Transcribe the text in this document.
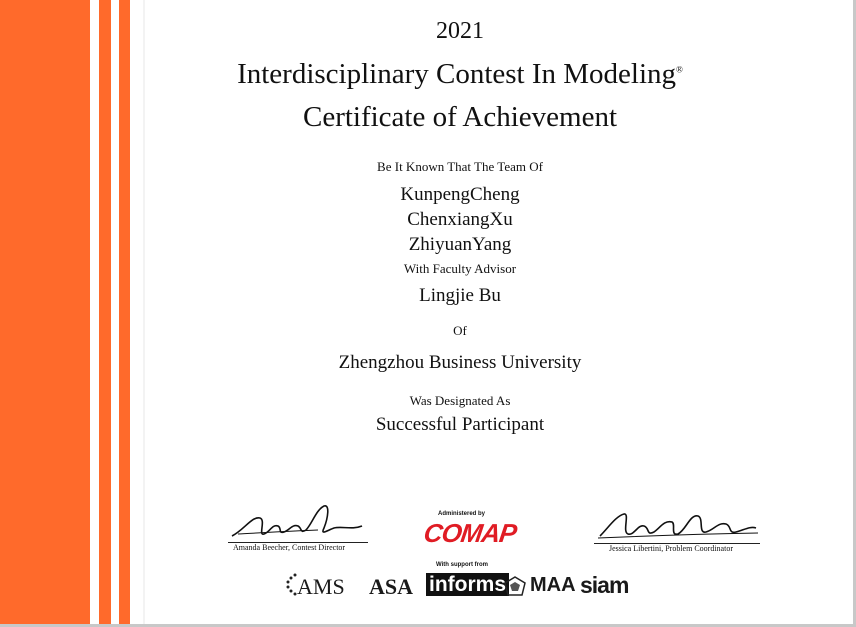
2021
Interdisciplinary Contest In Modeling®
Certificate of Achievement
Be It Known That The Team Of
KunpengCheng
ChenxiangXu
ZhiyuanYang
With Faculty Advisor
Lingjie Bu
Of
Zhengzhou Business University
Was Designated As
Successful Participant
Amanda Beecher, Contest Director	Jessica Libertini, Problem Coordinator
Administered by
COMAP
With support from
AMS ASA informs MAA siam
